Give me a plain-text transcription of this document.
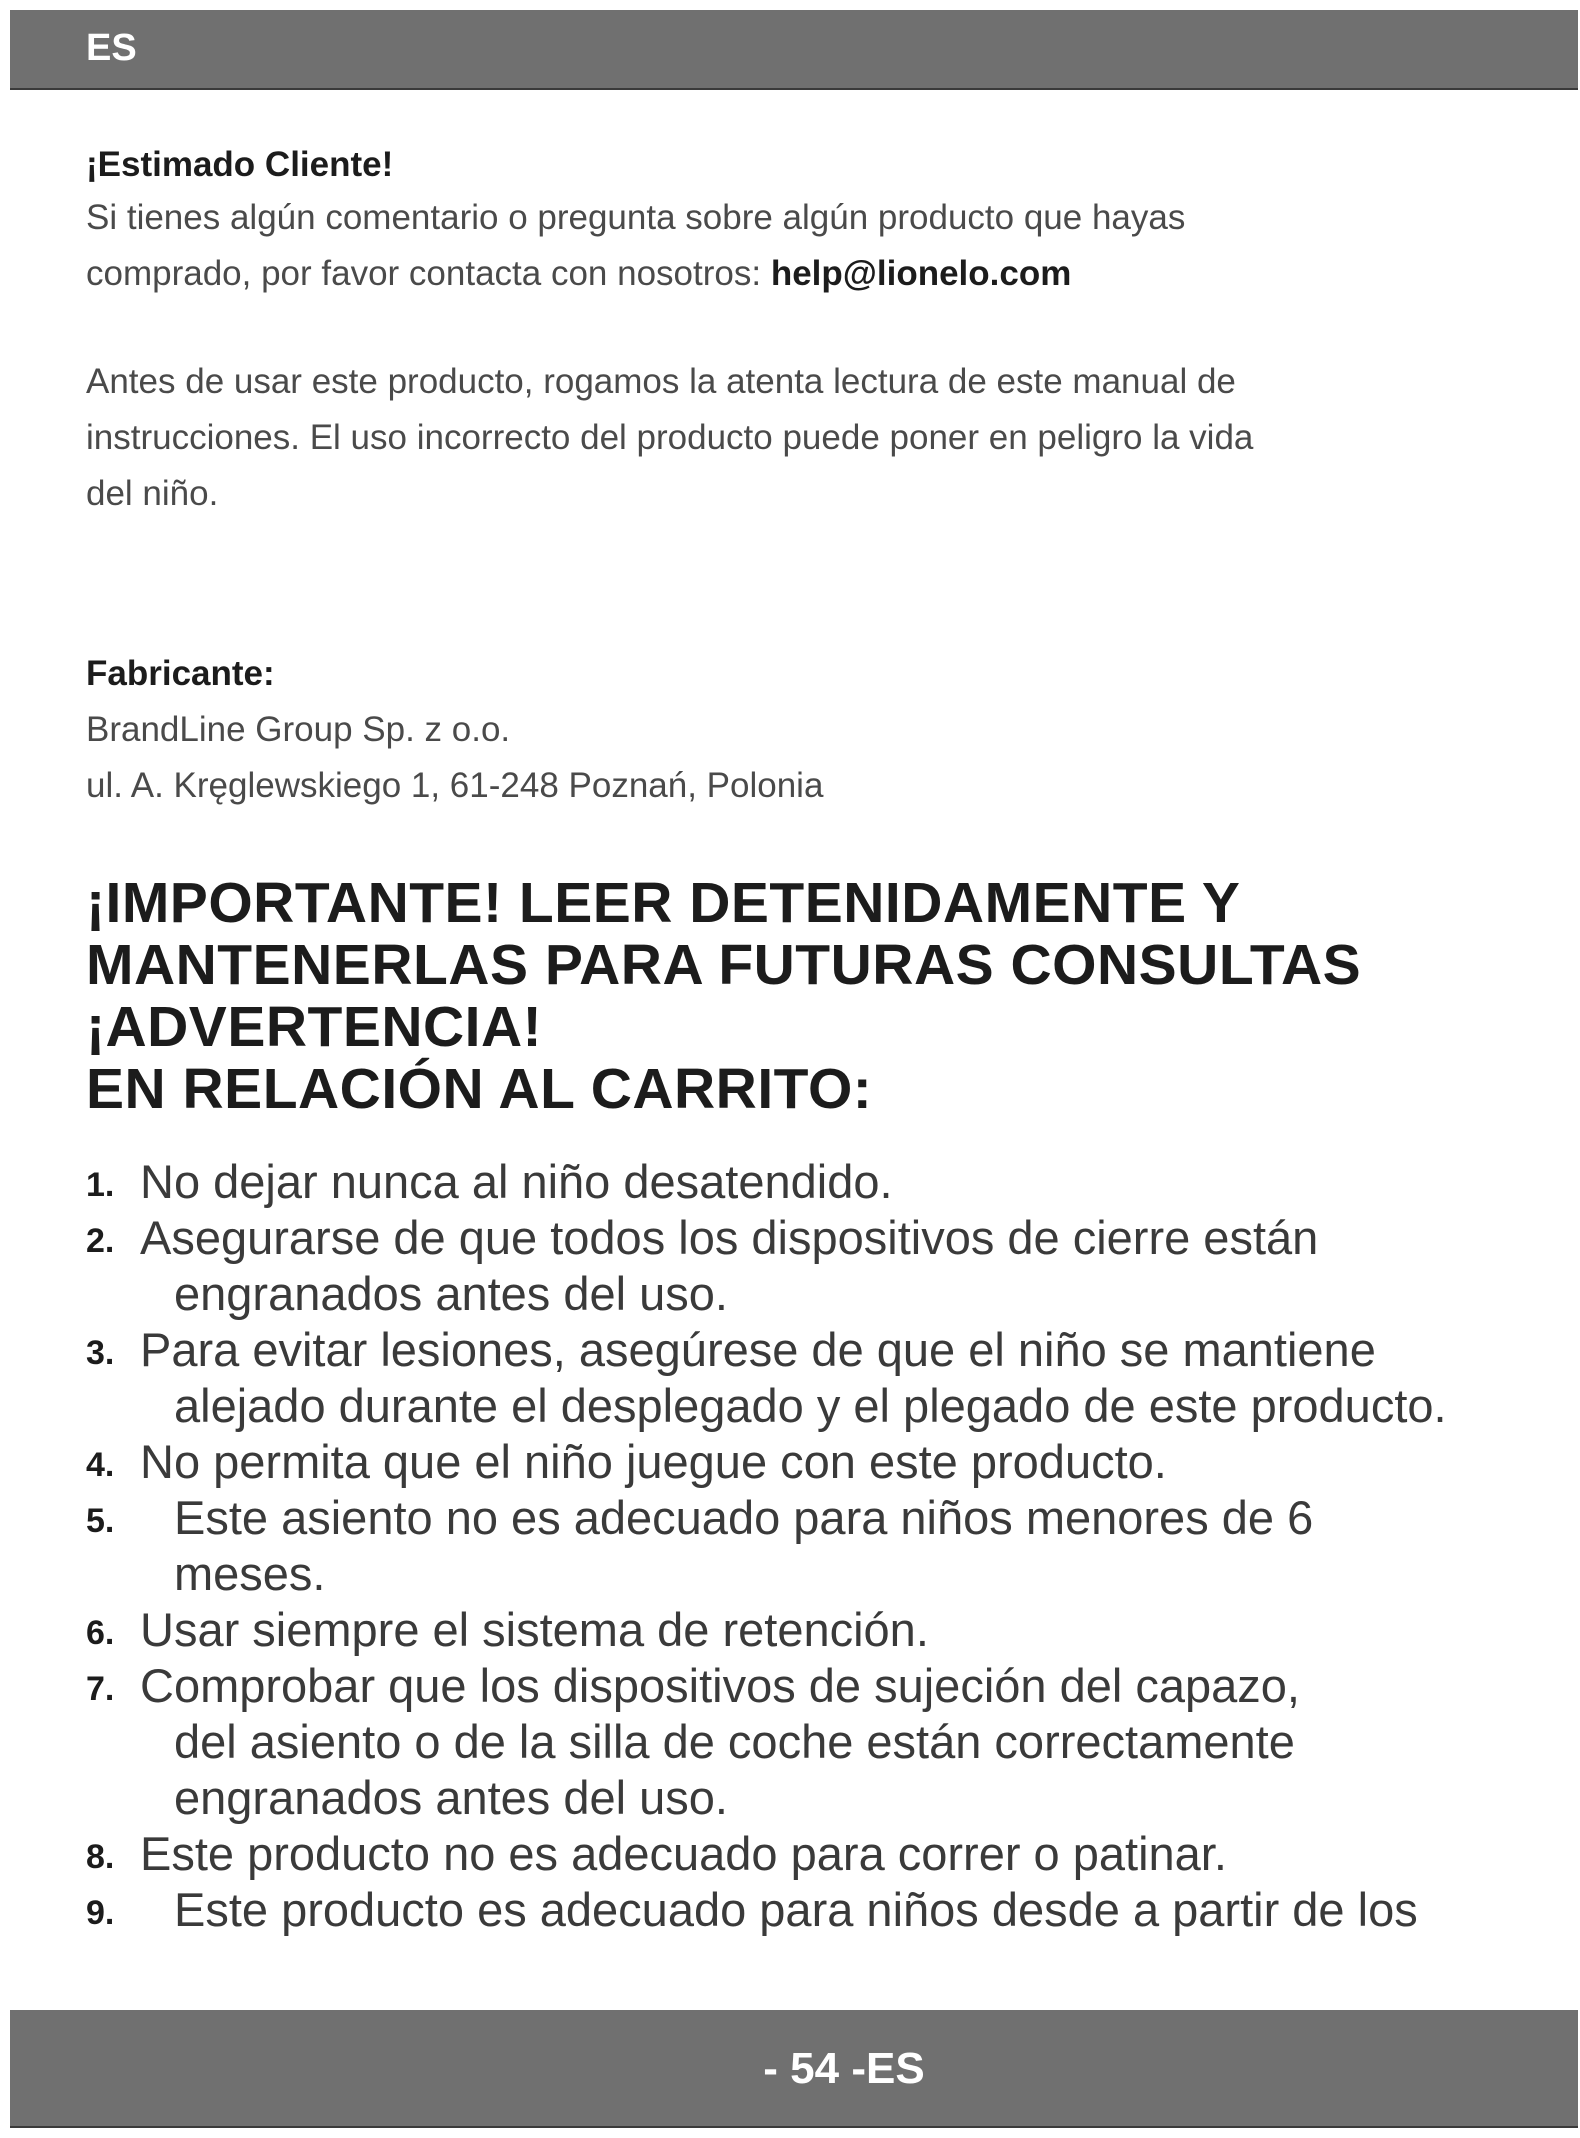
ES

¡Estimado Cliente!

Si tienes algún comentario o pregunta sobre algún producto que hayas
comprado, por favor contacta con nosotros: help@lionelo.com

Antes de usar este producto, rogamos la atenta lectura de este manual de
instrucciones. El uso incorrecto del producto puede poner en peligro la vida
del niño.

Fabricante:

BrandLine Group Sp. z o.o.

ul. A. Kręglewskiego 1, 61-248 Poznań, Polonia

¡IMPORTANTE! LEER DETENIDAMENTE Y

MANTENERLAS PARA FUTURAS CONSULTAS

¡ADVERTENCIA!

EN RELACIÓN AL CARRITO:

1. No dejar nunca al niño desatendido.
2. Asegurarse de que todos los dispositivos de cierre están
engranados antes del uso.
3. Para evitar lesiones, asegúrese de que el niño se mantiene
alejado durante el desplegado y el plegado de este producto.
4. No permita que el niño juegue con este producto.
5.	Este asiento no es adecuado para niños menores de 6
meses.
6. Usar siempre el sistema de retención.
7. Comprobar que los dispositivos de sujeción del capazo,
del asiento o de la silla de coche están correctamente
engranados antes del uso.
8. Este producto no es adecuado para correr o patinar.
9.	Este producto es adecuado para niños desde a partir de los
- 54 -ES
